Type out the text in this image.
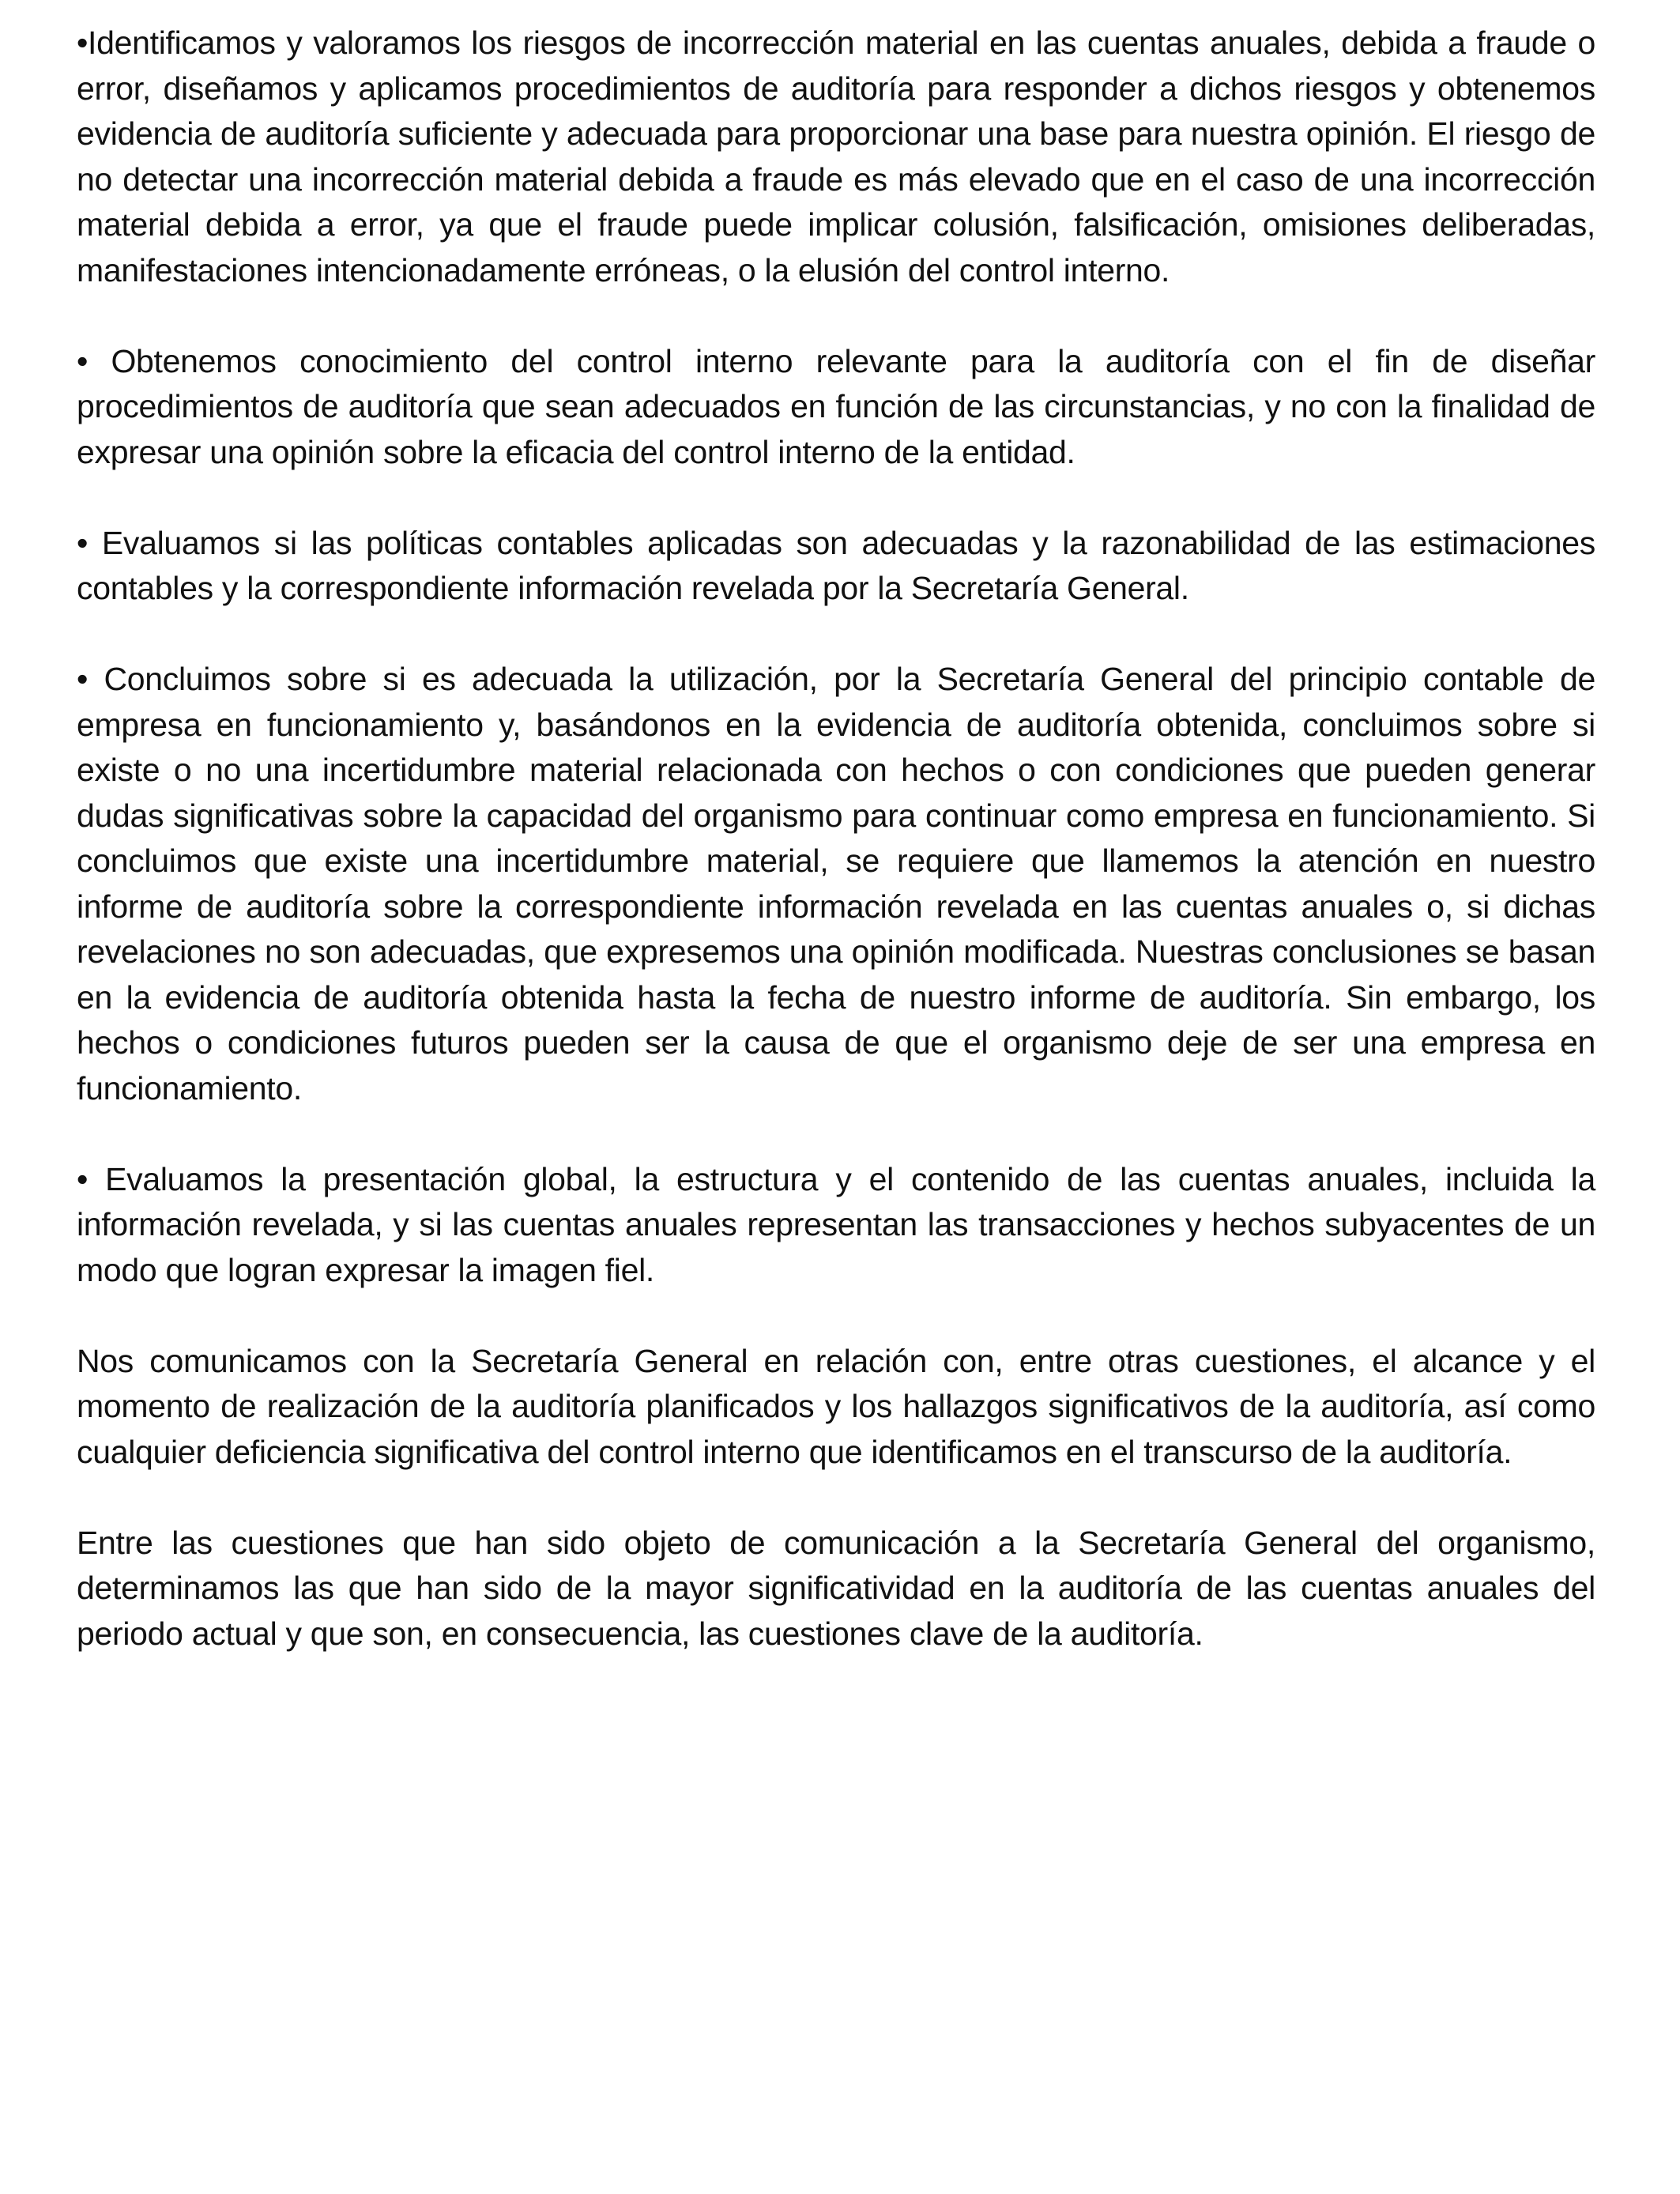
•Identificamos y valoramos los riesgos de incorrección material en las cuentas anuales, debida a fraude o error, diseñamos y aplicamos procedimientos de auditoría para responder a dichos riesgos y obtenemos evidencia de auditoría suficiente y adecuada para proporcionar una base para nuestra opinión. El riesgo de no detectar una incorrección material debida a fraude es más elevado que en el caso de una incorrección material debida a error, ya que el fraude puede implicar colusión, falsificación, omisiones deliberadas, manifestaciones intencionadamente erróneas, o la elusión del control interno.

• Obtenemos conocimiento del control interno relevante para la auditoría con el fin de diseñar procedimientos de auditoría que sean adecuados en función de las circunstancias, y no con la finalidad de expresar una opinión sobre la eficacia del control interno de la entidad.

• Evaluamos si las políticas contables aplicadas son adecuadas y la razonabilidad de las estimaciones contables y la correspondiente información revelada por la Secretaría General.

• Concluimos sobre si es adecuada la utilización, por la Secretaría General del principio contable de empresa en funcionamiento y, basándonos en la evidencia de auditoría obtenida, concluimos sobre si existe o no una incertidumbre material relacionada con hechos o con condiciones que pueden generar dudas significativas sobre la capacidad del organismo para continuar como empresa en funcionamiento. Si concluimos que existe una incertidumbre material, se requiere que llamemos la atención en nuestro informe de auditoría sobre la correspondiente información revelada en las cuentas anuales o, si dichas revelaciones no son adecuadas, que expresemos una opinión modificada. Nuestras conclusiones se basan en la evidencia de auditoría obtenida hasta la fecha de nuestro informe de auditoría. Sin embargo, los hechos o condiciones futuros pueden ser la causa de que el organismo deje de ser una empresa en funcionamiento.

• Evaluamos la presentación global, la estructura y el contenido de las cuentas anuales, incluida la información revelada, y si las cuentas anuales representan las transacciones y hechos subyacentes de un modo que logran expresar la imagen fiel.

Nos comunicamos con la Secretaría General en relación con, entre otras cuestiones, el alcance y el momento de realización de la auditoría planificados y los hallazgos significativos de la auditoría, así como cualquier deficiencia significativa del control interno que identificamos en el transcurso de la auditoría.

Entre las cuestiones que han sido objeto de comunicación a la Secretaría General del organismo, determinamos las que han sido de la mayor significatividad en la auditoría de las cuentas anuales del periodo actual y que son, en consecuencia, las cuestiones clave de la auditoría.
